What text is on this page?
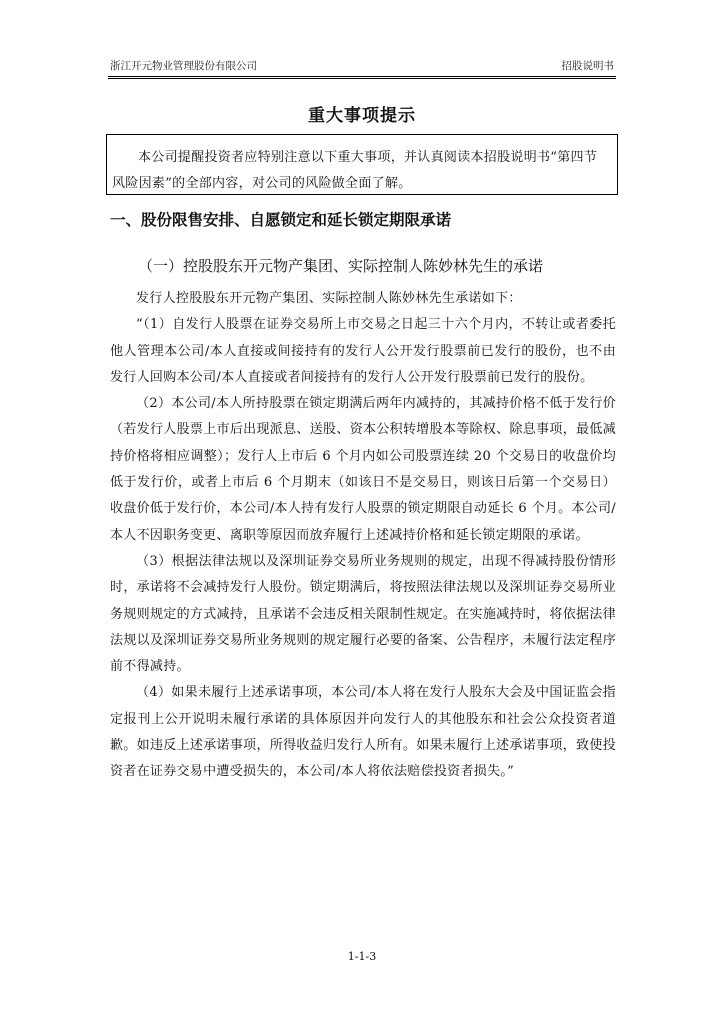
浙江开元物业管理股份有限公司	招股说明书
重大事项提示

本公司提醒投资者应特别注意以下重大事项，并认真阅读本招股说明书“第四节 风险因素”的全部内容，对公司的风险做全面了解。

一、股份限售安排、自愿锁定和延长锁定期限承诺
（一）控股股东开元物产集团、实际控制人陈妙林先生的承诺

发行人控股股东开元物产集团、实际控制人陈妙林先生承诺如下：

“（1）自发行人股票在证券交易所上市交易之日起三十六个月内，不转让或者委托他人管理本公司/本人直接或间接持有的发行人公开发行股票前已发行的股份，也不由发行人回购本公司/本人直接或者间接持有的发行人公开发行股票前已发行的股份。

（2）本公司/本人所持股票在锁定期满后两年内减持的，其减持价格不低于发行价（若发行人股票上市后出现派息、送股、资本公积转增股本等除权、除息事项，最低减持价格将相应调整）；发行人上市后 6 个月内如公司股票连续 20 个交易日的收盘价均低于发行价，或者上市后 6 个月期末（如该日不是交易日，则该日后第一个交易日）收盘价低于发行价，本公司/本人持有发行人股票的锁定期限自动延长 6 个月。本公司/本人不因职务变更、离职等原因而放弃履行上述减持价格和延长锁定期限的承诺。

（3）根据法律法规以及深圳证券交易所业务规则的规定，出现不得减持股份情形时，承诺将不会减持发行人股份。锁定期满后，将按照法律法规以及深圳证券交易所业务规则规定的方式减持，且承诺不会违反相关限制性规定。在实施减持时，将依据法律法规以及深圳证券交易所业务规则的规定履行必要的备案、公告程序，未履行法定程序前不得减持。

（4）如果未履行上述承诺事项，本公司/本人将在发行人股东大会及中国证监会指定报刊上公开说明未履行承诺的具体原因并向发行人的其他股东和社会公众投资者道歉。如违反上述承诺事项，所得收益归发行人所有。如果未履行上述承诺事项，致使投资者在证券交易中遭受损失的，本公司/本人将依法赔偿投资者损失。”

1-1-3
